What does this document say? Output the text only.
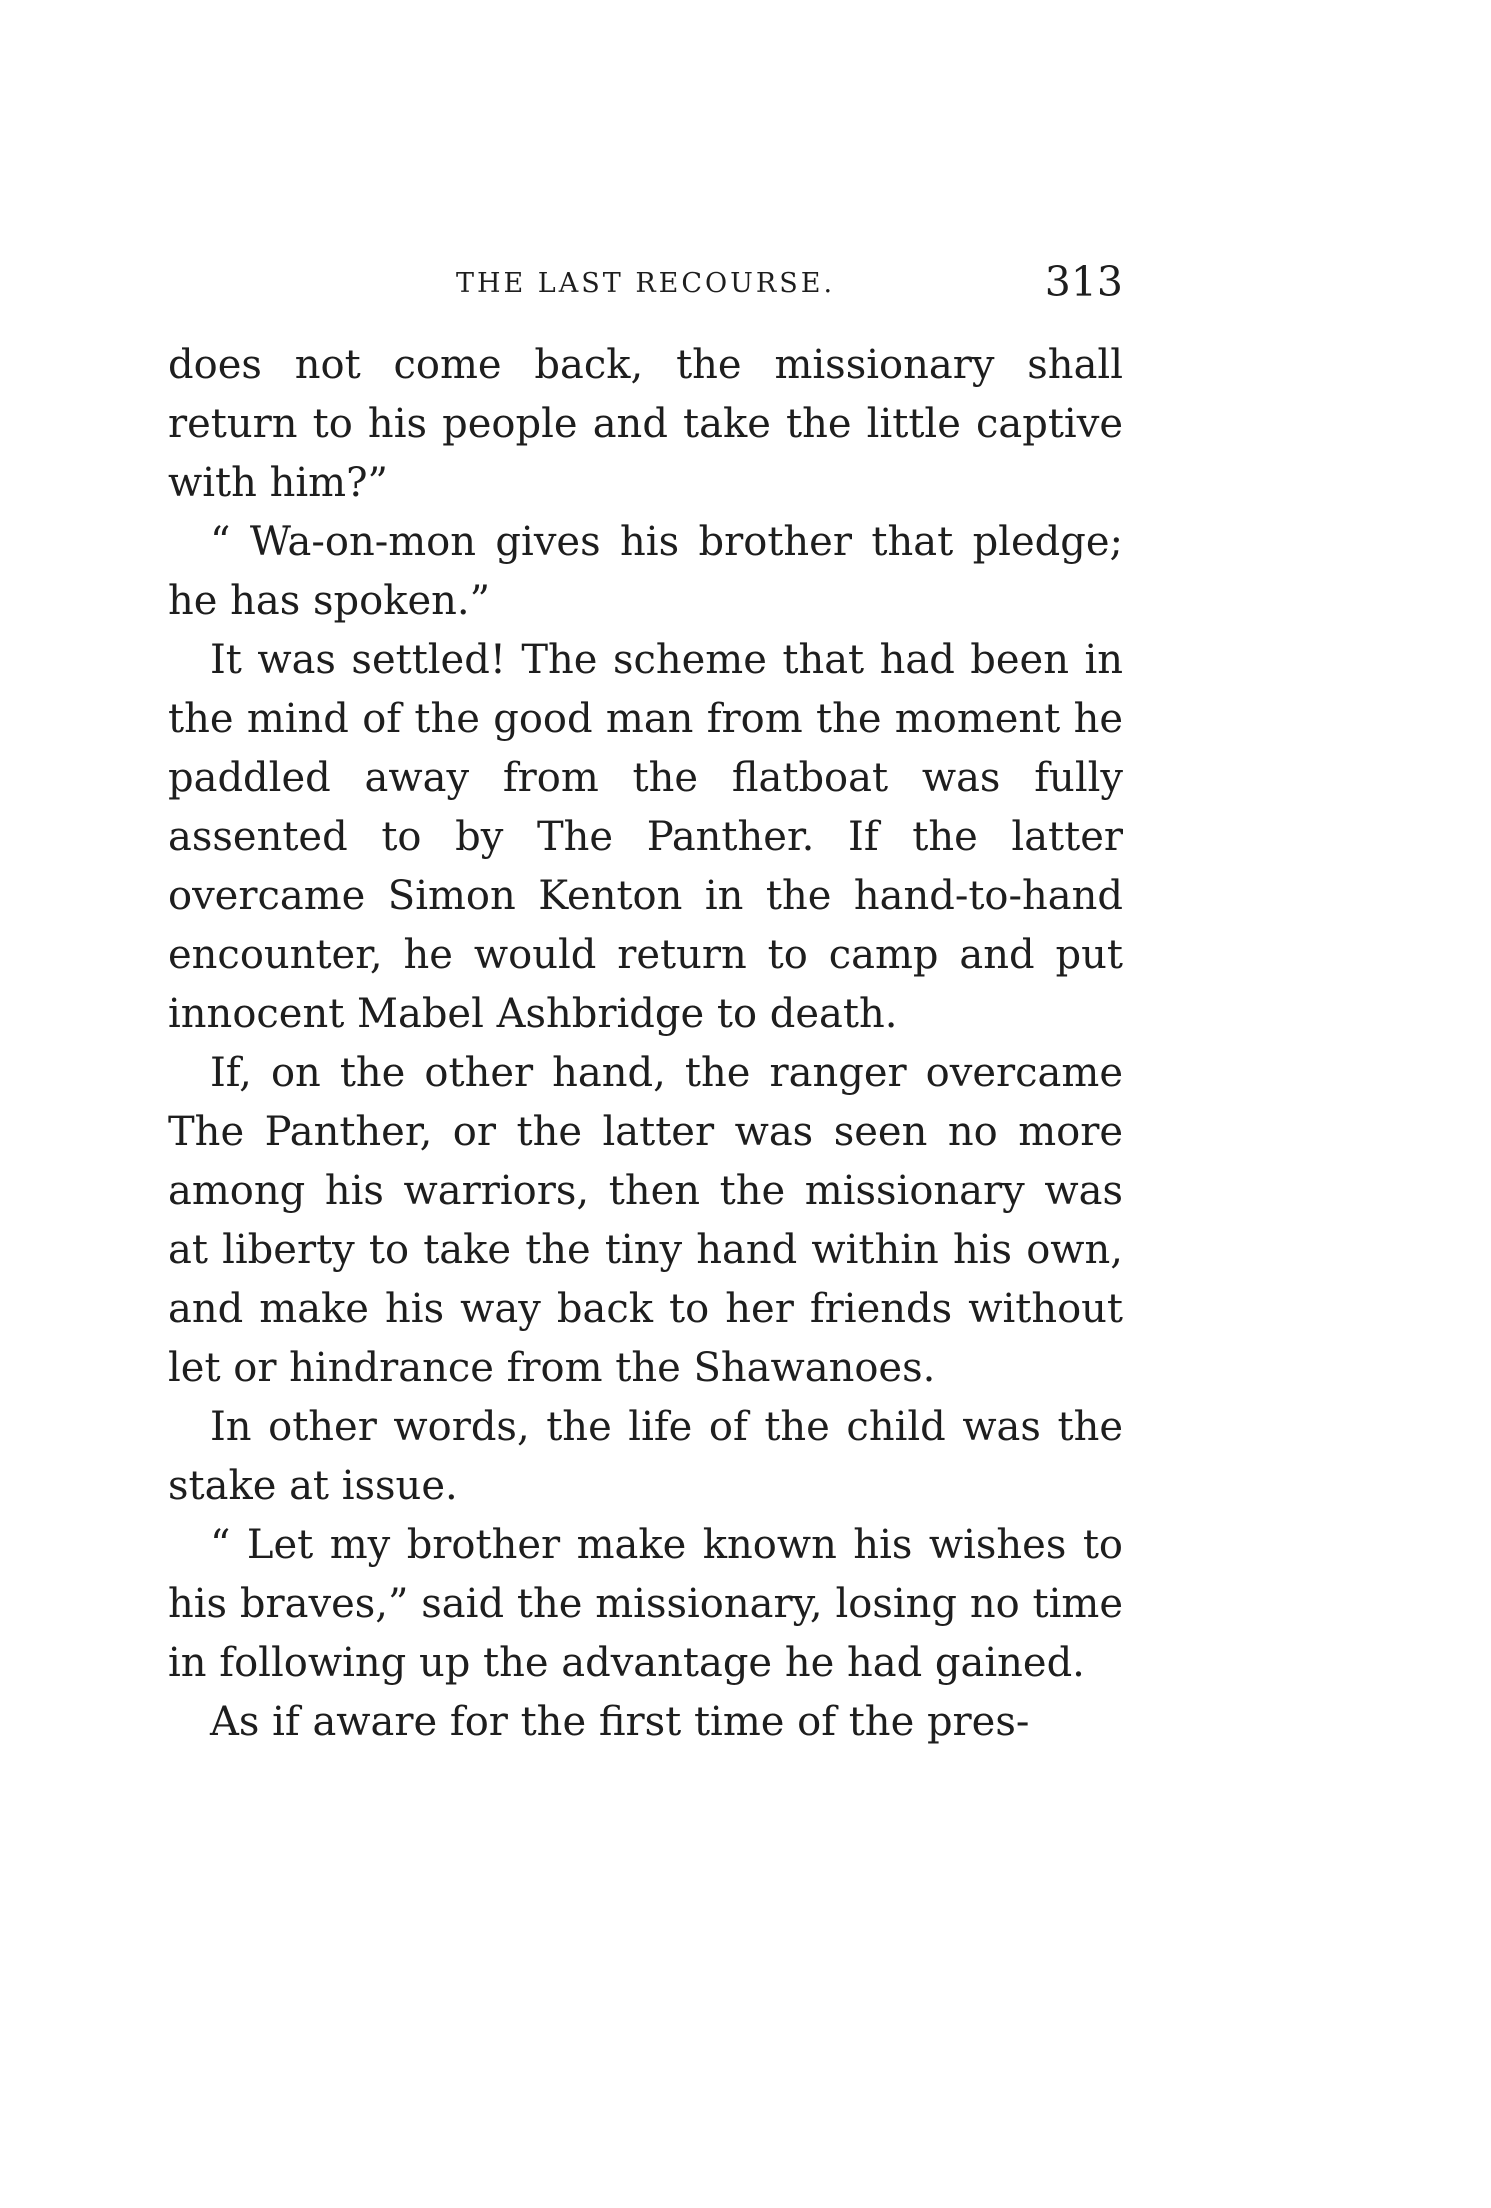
THE LAST RECOURSE.	313

does not come back, the missionary shall return to his people and take the little captive with him?”

“ Wa-on-mon gives his brother that pledge; he has spoken.”

It was settled! The scheme that had been in the mind of the good man from the moment he paddled away from the flatboat was fully assented to by The Panther. If the latter overcame Simon Kenton in the hand-to-hand encounter, he would return to camp and put innocent Mabel Ashbridge to death.

If, on the other hand, the ranger overcame The Panther, or the latter was seen no more among his warriors, then the missionary was at liberty to take the tiny hand within his own, and make his way back to her friends without let or hindrance from the Shawanoes.

In other words, the life of the child was the stake at issue.

“ Let my brother make known his wishes to his braves,” said the missionary, losing no time in following up the advantage he had gained.

As if aware for the first time of the pres-
